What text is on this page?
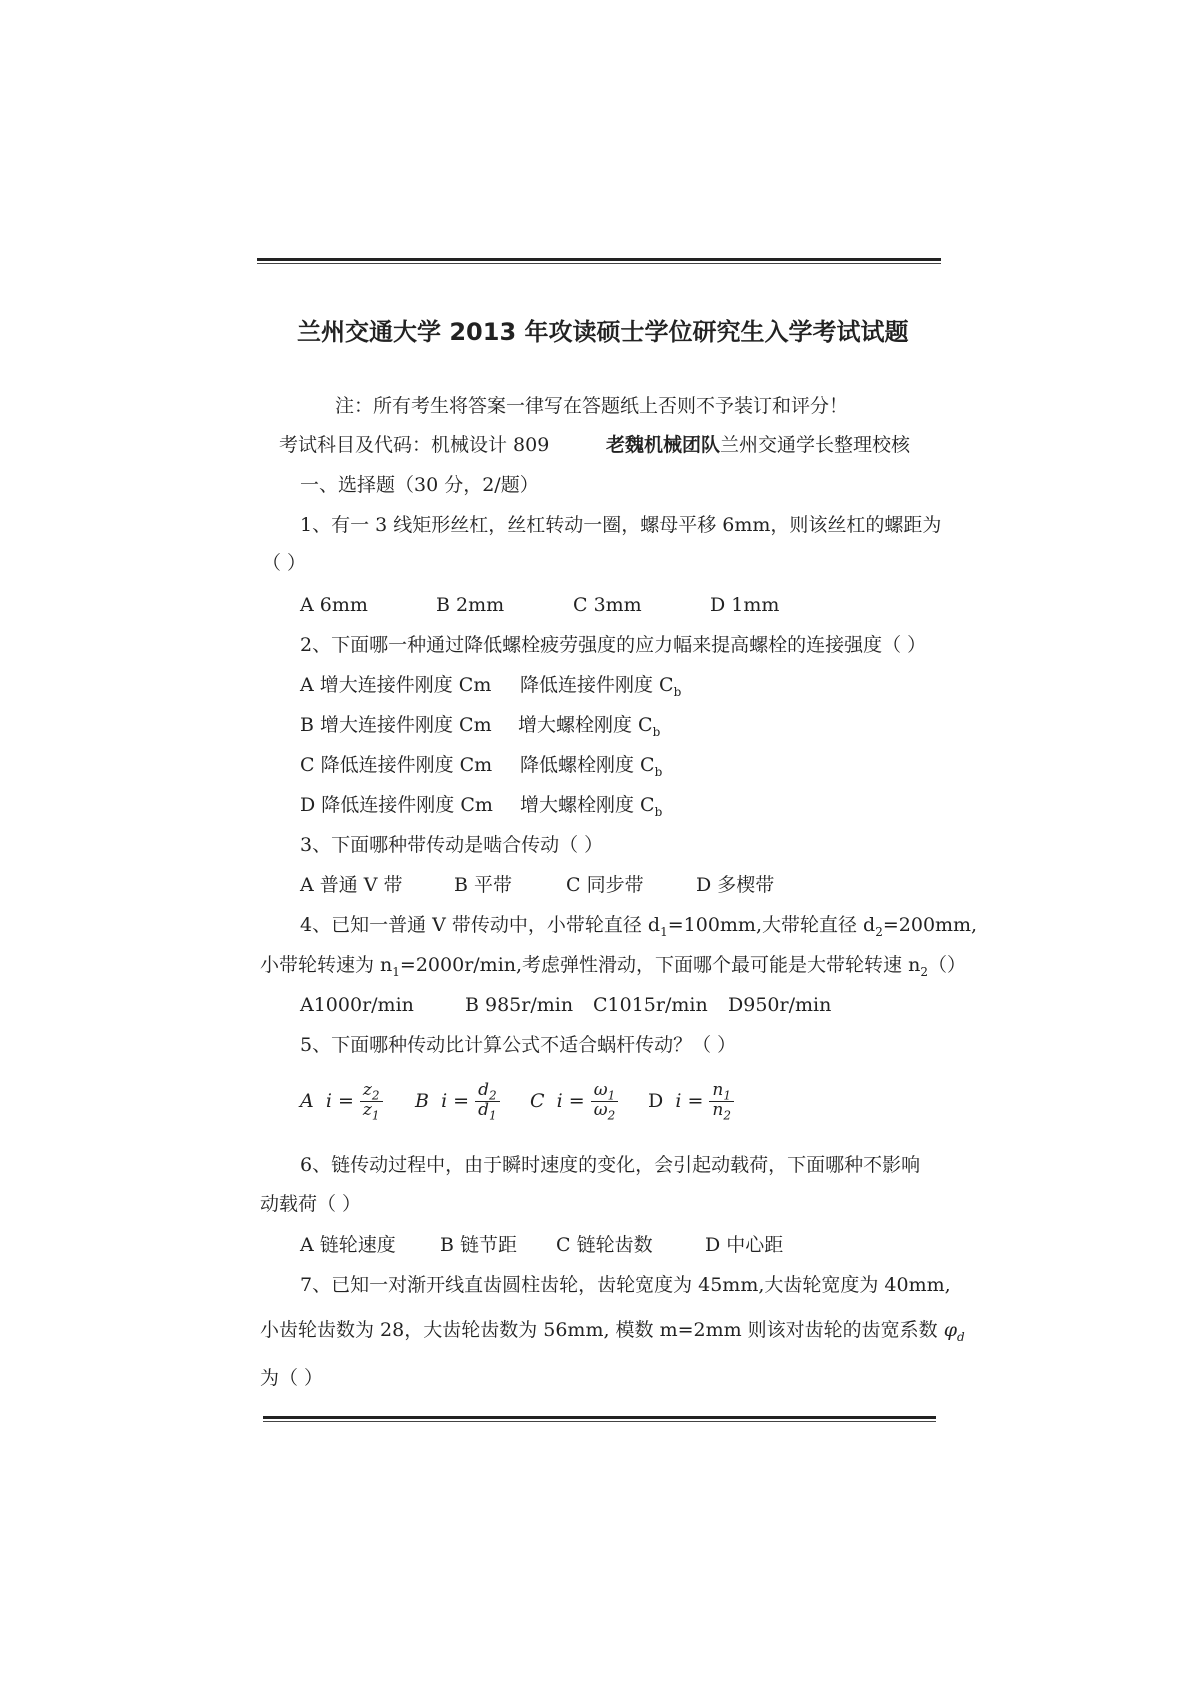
兰州交通大学 2013 年攻读硕士学位研究生入学考试试题
注：所有考生将答案一律写在答题纸上否则不予装订和评分！
考试科目及代码：机械设计 809	老魏机械团队兰州交通学长整理校核
一、选择题（30 分，2/题）
1、有一 3 线矩形丝杠，丝杠转动一圈，螺母平移 6mm，则该丝杠的螺距为
（ ）
A 6mm	B 2mm	C 3mm	D 1mm
2、下面哪一种通过降低螺栓疲劳强度的应力幅来提高螺栓的连接强度（ ）
A 增大连接件刚度 Cm 降低连接件刚度 $C_b$
B 增大连接件刚度 Cm 增大螺栓刚度 $C_b$
C 降低连接件刚度 Cm 降低螺栓刚度 $C_b$
D 降低连接件刚度 Cm 增大螺栓刚度 $C_b$
3、下面哪种带传动是啮合传动（ ）
A 普通 V 带	B 平带	C 同步带	D 多楔带
4、已知一普通 V 带传动中，小带轮直径 $d_1=100mm$,大带轮直径 $d_2=200mm$,
小带轮转速为 $n_1=2000r/\min$,考虑弹性滑动，下面哪个最可能是大带轮转速 $n_2()$
A1000r/min	B 985r/min C1015r/min D950r/min
5、下面哪种传动比计算公式不适合蜗杆传动？（ ）
A $i = \frac{z_2}{z_1}$ B $i = \frac{d_2}{d_1}$ C $i = \frac{\omega_1}{\omega_2}$ D $i = \frac{n_1}{n_2}$
6、链传动过程中，由于瞬时速度的变化，会引起动载荷，下面哪种不影响
动载荷（ ）
A 链轮速度 B 链节距 C 链轮齿数	D 中心距
7、已知一对渐开线直齿圆柱齿轮，齿轮宽度为 45mm,大齿轮宽度为 40mm,
小齿轮齿数为 28，大齿轮齿数为 56mm, 模数 m=2mm 则该对齿轮的齿宽系数 $\varphi_d$
为（ ）
